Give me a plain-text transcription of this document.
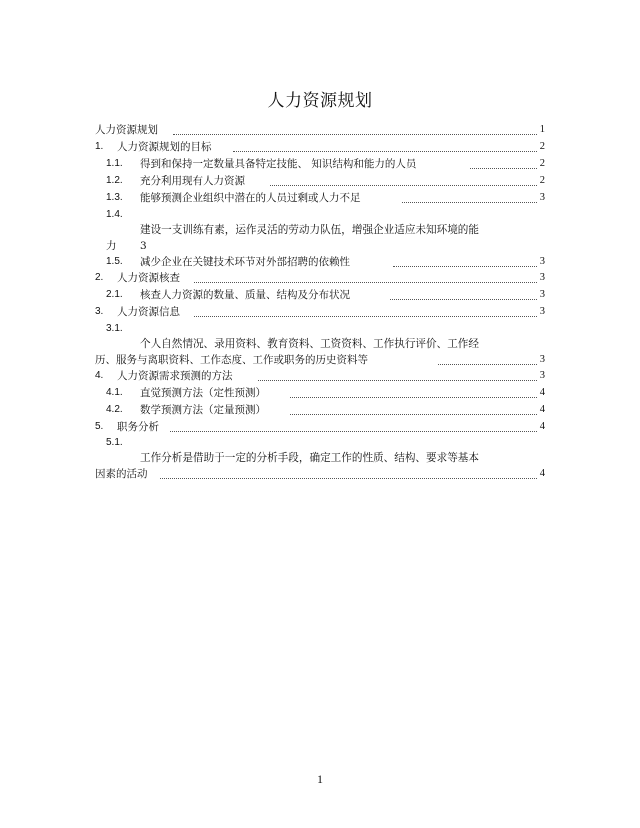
人力资源规划
人力资源规划	1
1. 人力资源规划的目标	2
1.1. 得到和保持一定数量具备特定技能、 知识结构和能力的人员	2
1.2. 充分利用现有人力资源	2
1.3. 能够预测企业组织中潜在的人员过剩或人力不足	3
1.4.
建设一支训练有素，运作灵活的劳动力队伍，增强企业适应未知环境的能
力 3
1.5. 减少企业在关键技术环节对外部招聘的依赖性	3
2. 人力资源核查	3
2.1. 核查人力资源的数量、质量、结构及分布状况	3
3. 人力资源信息	3
3.1.
个人自然情况、录用资料、教育资料、工资资料、工作执行评价、工作经
历、服务与离职资料、工作态度、工作或职务的历史资料等	3
4. 人力资源需求预测的方法	3
4.1. 直觉预测方法（定性预测）	4
4.2. 数学预测方法（定量预测）	4
5. 职务分析	4
5.1.
工作分析是借助于一定的分析手段，确定工作的性质、结构、要求等基本
因素的活动	4
1
